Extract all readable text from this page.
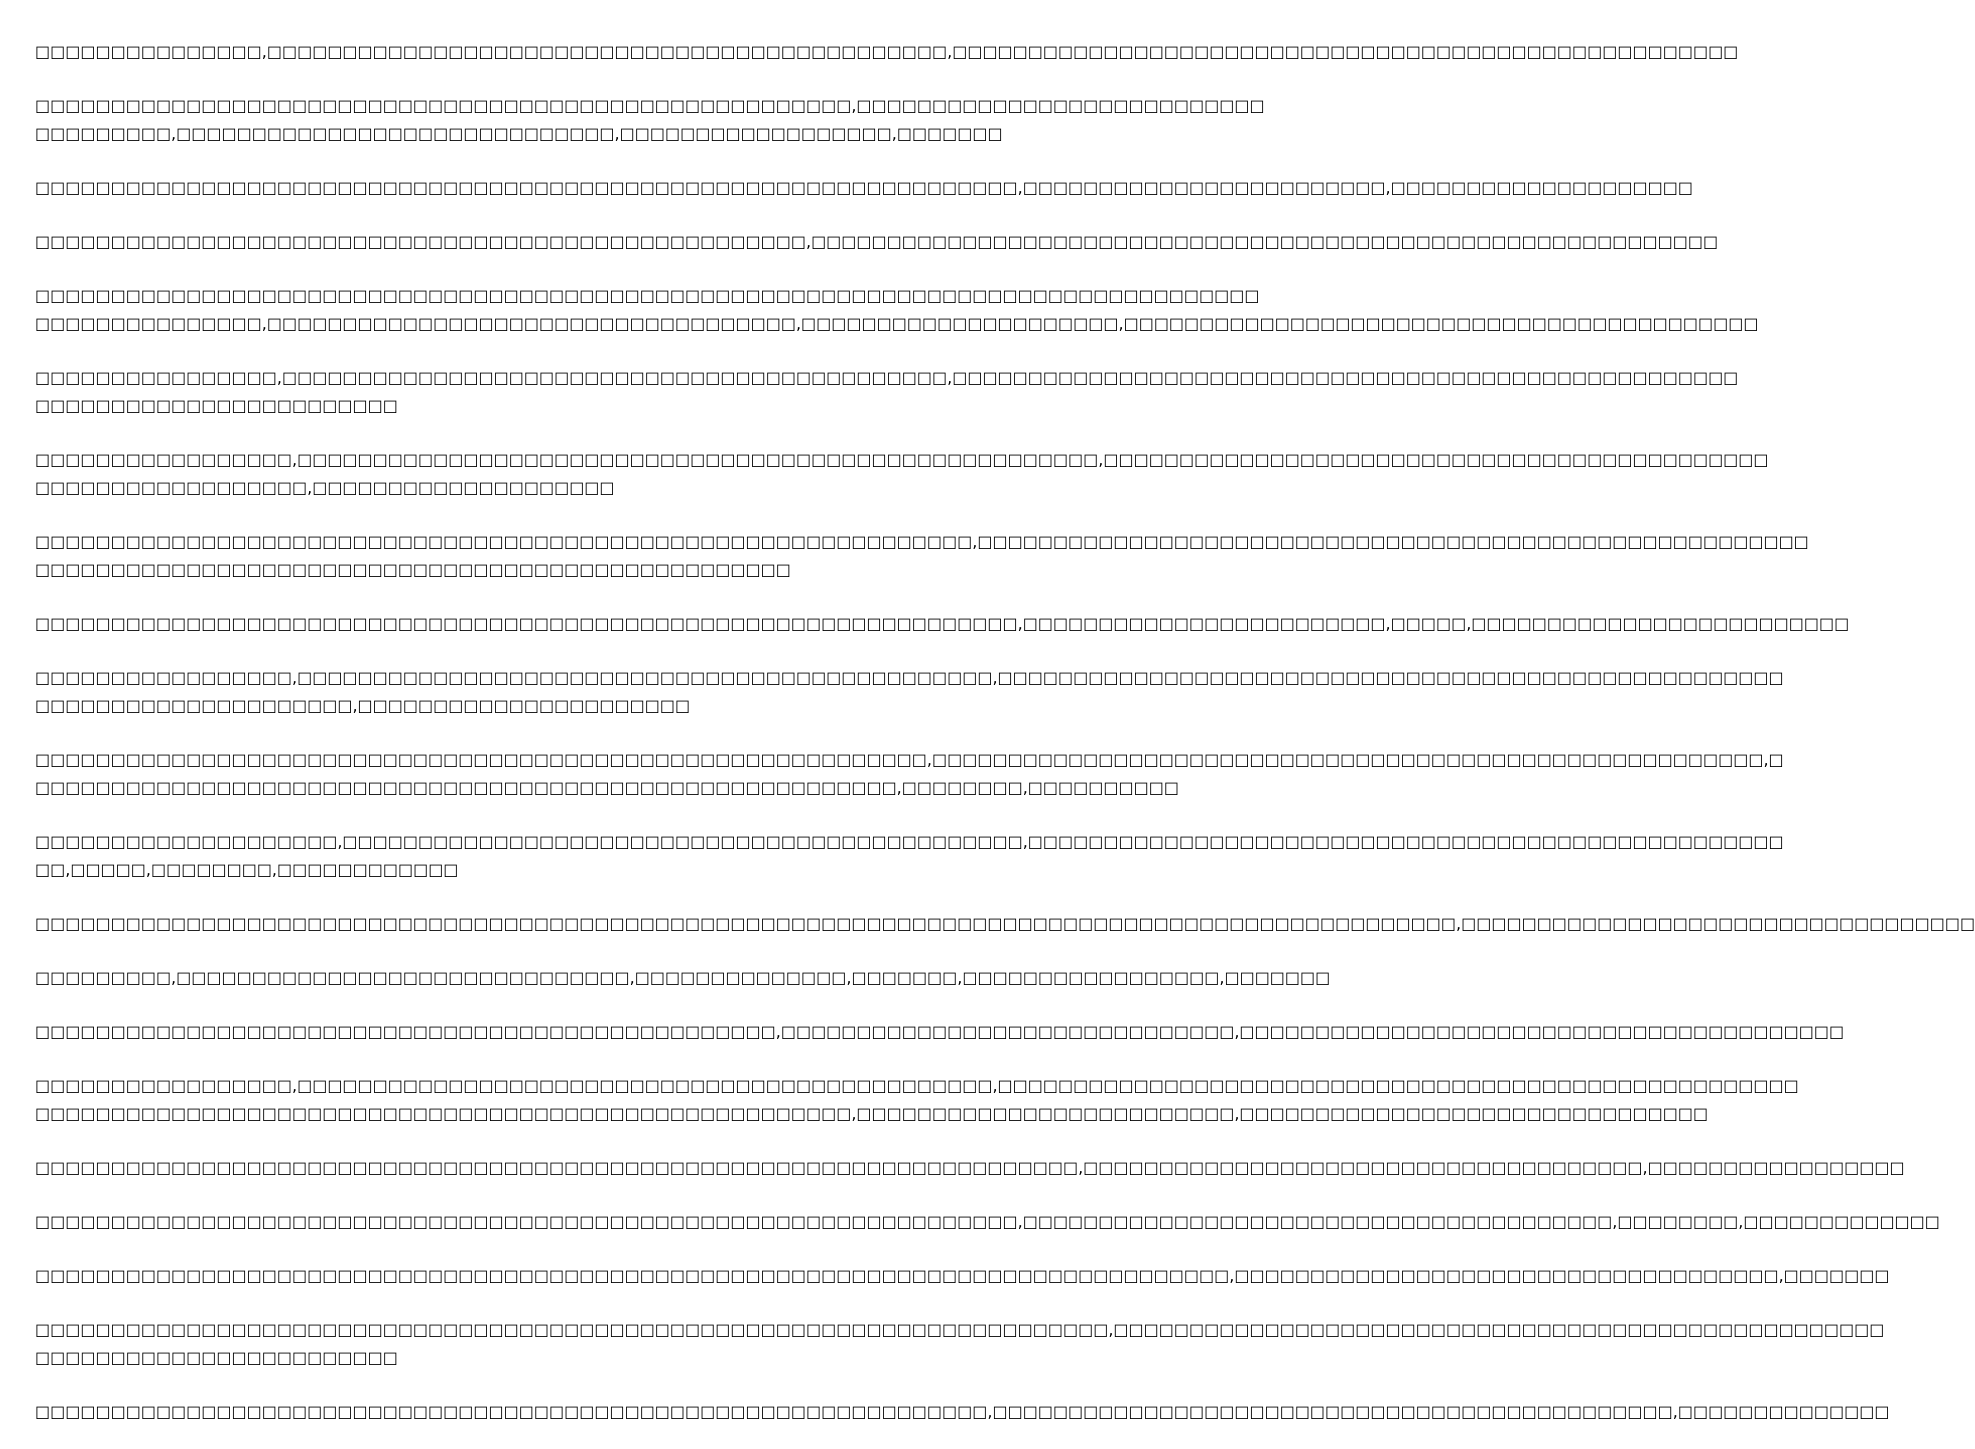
□□□□□□□□□□□□□□□,□□□□□□□□□□□□□□□□□□□□□□□□□□□□□□□□□□□□□□□□□□□□□,□□□□□□□□□□□□□□□□□□□□□□□□□□□□□□□□□□□□□□□□□□□□□□□□□□□□

□□□□□□□□□□□□□□□□□□□□□□□□□□□□□□□□□□□□□□□□□□□□□□□□□□□□□□,□□□□□□□□□□□□□□□□□□□□□□□□□□□
□□□□□□□□□,□□□□□□□□□□□□□□□□□□□□□□□□□□□□□,□□□□□□□□□□□□□□□□□□,□□□□□□□

□□□□□□□□□□□□□□□□□□□□□□□□□□□□□□□□□□□□□□□□□□□□□□□□□□□□□□□□□□□□□□□□□,□□□□□□□□□□□□□□□□□□□□□□□□,□□□□□□□□□□□□□□□□□□□□

□□□□□□□□□□□□□□□□□□□□□□□□□□□□□□□□□□□□□□□□□□□□□□□□□□□,□□□□□□□□□□□□□□□□□□□□□□□□□□□□□□□□□□□□□□□□□□□□□□□□□□□□□□□□□□□□

□□□□□□□□□□□□□□□□□□□□□□□□□□□□□□□□□□□□□□□□□□□□□□□□□□□□□□□□□□□□□□□□□□□□□□□□□□□□□□□□□
□□□□□□□□□□□□□□□,□□□□□□□□□□□□□□□□□□□□□□□□□□□□□□□□□□□,□□□□□□□□□□□□□□□□□□□□□,□□□□□□□□□□□□□□□□□□□□□□□□□□□□□□□□□□□□□□□□□□

□□□□□□□□□□□□□□□□,□□□□□□□□□□□□□□□□□□□□□□□□□□□□□□□□□□□□□□□□□□□□,□□□□□□□□□□□□□□□□□□□□□□□□□□□□□□□□□□□□□□□□□□□□□□□□□□□□
□□□□□□□□□□□□□□□□□□□□□□□□

□□□□□□□□□□□□□□□□□,□□□□□□□□□□□□□□□□□□□□□□□□□□□□□□□□□□□□□□□□□□□□□□□□□□□□□,□□□□□□□□□□□□□□□□□□□□□□□□□□□□□□□□□□□□□□□□□□□□
□□□□□□□□□□□□□□□□□□,□□□□□□□□□□□□□□□□□□□□

□□□□□□□□□□□□□□□□□□□□□□□□□□□□□□□□□□□□□□□□□□□□□□□□□□□□□□□□□□□□□□,□□□□□□□□□□□□□□□□□□□□□□□□□□□□□□□□□□□□□□□□□□□□□□□□□□□□□□□
□□□□□□□□□□□□□□□□□□□□□□□□□□□□□□□□□□□□□□□□□□□□□□□□□□

□□□□□□□□□□□□□□□□□□□□□□□□□□□□□□□□□□□□□□□□□□□□□□□□□□□□□□□□□□□□□□□□□,□□□□□□□□□□□□□□□□□□□□□□□□,□□□□□,□□□□□□□□□□□□□□□□□□□□□□□□□

□□□□□□□□□□□□□□□□□,□□□□□□□□□□□□□□□□□□□□□□□□□□□□□□□□□□□□□□□□□□□□□□,□□□□□□□□□□□□□□□□□□□□□□□□□□□□□□□□□□□□□□□□□□□□□□□□□□□□
□□□□□□□□□□□□□□□□□□□□□,□□□□□□□□□□□□□□□□□□□□□□

□□□□□□□□□□□□□□□□□□□□□□□□□□□□□□□□□□□□□□□□□□□□□□□□□□□□□□□□□□□,□□□□□□□□□□□□□□□□□□□□□□□□□□□□□□□□□□□□□□□□□□□□□□□□□□□□□□□,□
□□□□□□□□□□□□□□□□□□□□□□□□□□□□□□□□□□□□□□□□□□□□□□□□□□□□□□□□□,□□□□□□□□,□□□□□□□□□□

□□□□□□□□□□□□□□□□□□□□,□□□□□□□□□□□□□□□□□□□□□□□□□□□□□□□□□□□□□□□□□□□□□,□□□□□□□□□□□□□□□□□□□□□□□□□□□□□□□□□□□□□□□□□□□□□□□□□□
□□,□□□□□,□□□□□□□□,□□□□□□□□□□□□

□□□□□□□□□□□□□□□□□□□□□□□□□□□□□□□□□□□□□□□□□□□□□□□□□□□□□□□□□□□□□□□□□□□□□□□□□□□□□□□□□□□□□□□□□□□□□□,□□□□□□□□□□□□□□□□□□□□□□□□□□□□□□□□□□

□□□□□□□□□,□□□□□□□□□□□□□□□□□□□□□□□□□□□□□□,□□□□□□□□□□□□□□,□□□□□□□,□□□□□□□□□□□□□□□□□,□□□□□□□

□□□□□□□□□□□□□□□□□□□□□□□□□□□□□□□□□□□□□□□□□□□□□□□□□,□□□□□□□□□□□□□□□□□□□□□□□□□□□□□□,□□□□□□□□□□□□□□□□□□□□□□□□□□□□□□□□□□□□□□□□

□□□□□□□□□□□□□□□□□,□□□□□□□□□□□□□□□□□□□□□□□□□□□□□□□□□□□□□□□□□□□□□□,□□□□□□□□□□□□□□□□□□□□□□□□□□□□□□□□□□□□□□□□□□□□□□□□□□□□□
□□□□□□□□□□□□□□□□□□□□□□□□□□□□□□□□□□□□□□□□□□□□□□□□□□□□□□,□□□□□□□□□□□□□□□□□□□□□□□□□,□□□□□□□□□□□□□□□□□□□□□□□□□□□□□□□

□□□□□□□□□□□□□□□□□□□□□□□□□□□□□□□□□□□□□□□□□□□□□□□□□□□□□□□□□□□□□□□□□□□□□,□□□□□□□□□□□□□□□□□□□□□□□□□□□□□□□□□□□□□,□□□□□□□□□□□□□□□□□

□□□□□□□□□□□□□□□□□□□□□□□□□□□□□□□□□□□□□□□□□□□□□□□□□□□□□□□□□□□□□□□□□,□□□□□□□□□□□□□□□□□□□□□□□□□□□□□□□□□□□□□□□,□□□□□□□□,□□□□□□□□□□□□□

□□□□□□□□□□□□□□□□□□□□□□□□□□□□□□□□□□□□□□□□□□□□□□□□□□□□□□□□□□□□□□□□□□□□□□□□□□□□□□□,□□□□□□□□□□□□□□□□□□□□□□□□□□□□□□□□□□□□,□□□□□□□

□□□□□□□□□□□□□□□□□□□□□□□□□□□□□□□□□□□□□□□□□□□□□□□□□□□□□□□□□□□□□□□□□□□□□□□,□□□□□□□□□□□□□□□□□□□□□□□□□□□□□□□□□□□□□□□□□□□□□□□□□□□
□□□□□□□□□□□□□□□□□□□□□□□□

□□□□□□□□□□□□□□□□□□□□□□□□□□□□□□□□□□□□□□□□□□□□□□□□□□□□□□□□□□□□□□□,□□□□□□□□□□□□□□□□□□□□□□□□□□□□□□□□□□□□□□□□□□□□□,□□□□□□□□□□□□□□
